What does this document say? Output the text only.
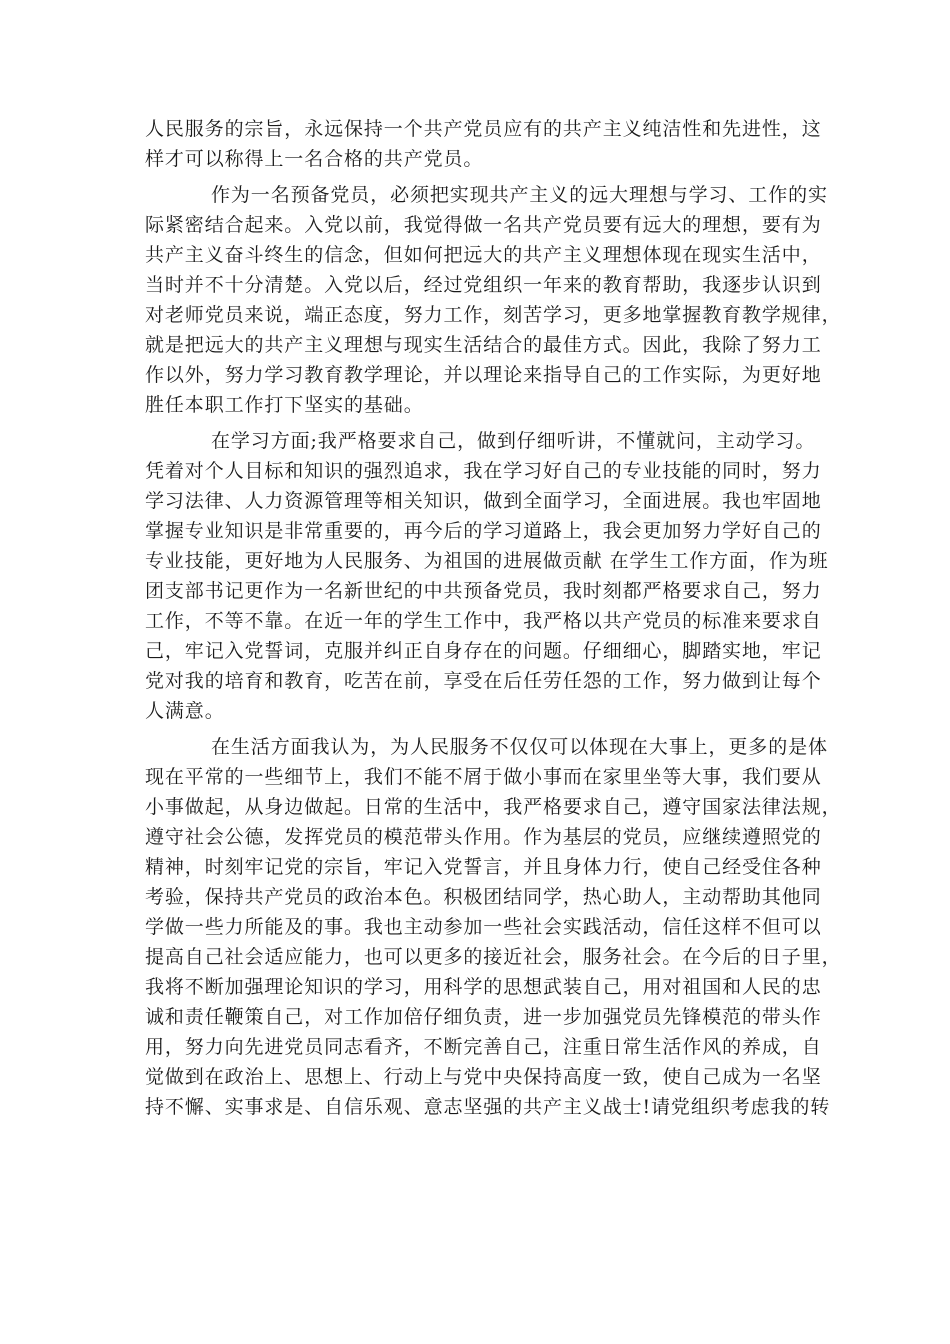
人民服务的宗旨，永远保持一个共产党员应有的共产主义纯洁性和先进性，这
样才可以称得上一名合格的共产党员。
作为一名预备党员，必须把实现共产主义的远大理想与学习、工作的实
际紧密结合起来。入党以前，我觉得做一名共产党员要有远大的理想，要有为
共产主义奋斗终生的信念，但如何把远大的共产主义理想体现在现实生活中，
当时并不十分清楚。入党以后，经过党组织一年来的教育帮助，我逐步认识到
对老师党员来说，端正态度，努力工作，刻苦学习，更多地掌握教育教学规律，
就是把远大的共产主义理想与现实生活结合的最佳方式。因此，我除了努力工
作以外，努力学习教育教学理论，并以理论来指导自己的工作实际，为更好地
胜任本职工作打下坚实的基础。
在学习方面;我严格要求自己，做到仔细听讲，不懂就问，主动学习。
凭着对个人目标和知识的强烈追求，我在学习好自己的专业技能的同时，努力
学习法律、人力资源管理等相关知识，做到全面学习，全面进展。我也牢固地
掌握专业知识是非常重要的，再今后的学习道路上，我会更加努力学好自己的
专业技能，更好地为人民服务、为祖国的进展做贡献 在学生工作方面，作为班
团支部书记更作为一名新世纪的中共预备党员，我时刻都严格要求自己，努力
工作，不等不靠。在近一年的学生工作中，我严格以共产党员的标准来要求自
己，牢记入党誓词，克服并纠正自身存在的问题。仔细细心，脚踏实地，牢记
党对我的培育和教育，吃苦在前，享受在后任劳任怨的工作，努力做到让每个
人满意。
在生活方面我认为，为人民服务不仅仅可以体现在大事上，更多的是体
现在平常的一些细节上，我们不能不屑于做小事而在家里坐等大事，我们要从
小事做起，从身边做起。日常的生活中，我严格要求自己，遵守国家法律法规，
遵守社会公德，发挥党员的模范带头作用。作为基层的党员，应继续遵照党的
精神，时刻牢记党的宗旨，牢记入党誓言，并且身体力行，使自己经受住各种
考验，保持共产党员的政治本色。积极团结同学，热心助人，主动帮助其他同
学做一些力所能及的事。我也主动参加一些社会实践活动，信任这样不但可以
提高自己社会适应能力，也可以更多的接近社会，服务社会。在今后的日子里，
我将不断加强理论知识的学习，用科学的思想武装自己，用对祖国和人民的忠
诚和责任鞭策自己，对工作加倍仔细负责，进一步加强党员先锋模范的带头作
用，努力向先进党员同志看齐，不断完善自己，注重日常生活作风的养成，自
觉做到在政治上、思想上、行动上与党中央保持高度一致，使自己成为一名坚
持不懈、实事求是、自信乐观、意志坚强的共产主义战士!请党组织考虑我的转
